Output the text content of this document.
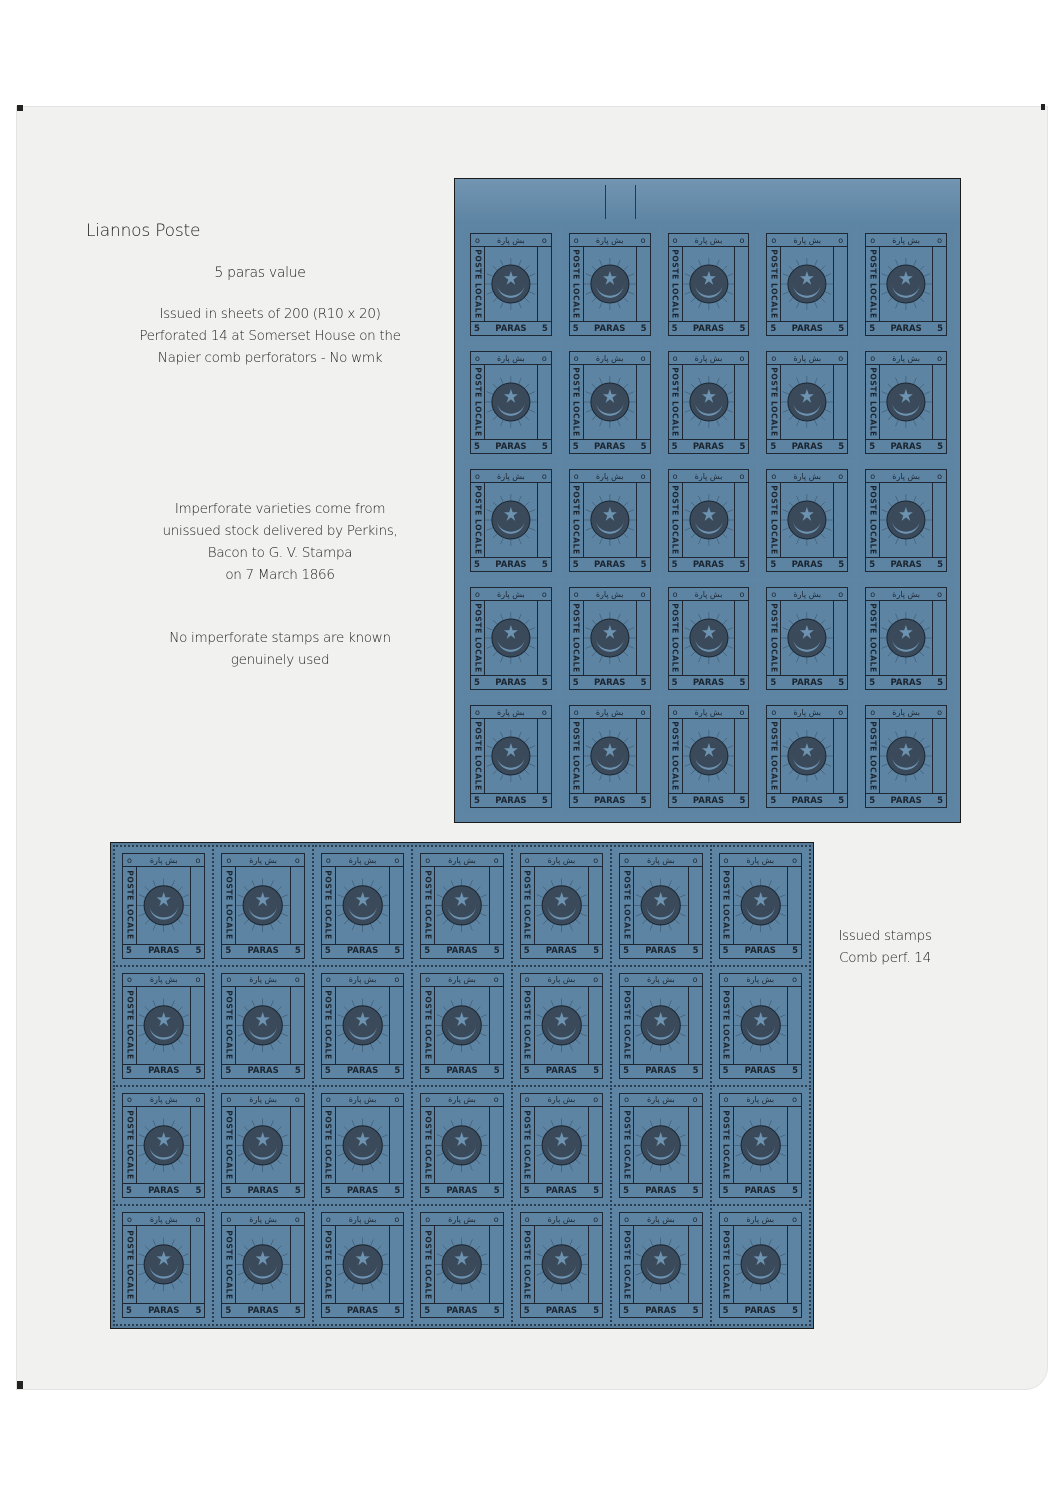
Liannos Poste
5 paras value
Issued in sheets of 200 (R10 x 20)
Perforated 14 at Somerset House on the
Napier comb perforators - No wmk
Imperforate varieties come from
unissued stock delivered by Perkins,
Bacon to G. V. Stampa
on 7 March 1866
No imperforate stamps are known
genuinely used
Issued stamps
Comb perf. 14
o بش پارة o
POSTE LOCALE
5 PARAS 5
o بش پارة o
POSTE LOCALE
5 PARAS 5
o بش پارة o
POSTE LOCALE
5 PARAS 5
o بش پارة o
POSTE LOCALE
5 PARAS 5
o بش پارة o
POSTE LOCALE
5 PARAS 5
o بش پارة o
POSTE LOCALE
5 PARAS 5
o بش پارة o
POSTE LOCALE
5 PARAS 5
o بش پارة o
POSTE LOCALE
5 PARAS 5
o بش پارة o
POSTE LOCALE
5 PARAS 5
o بش پارة o
POSTE LOCALE
5 PARAS 5
o بش پارة o
POSTE LOCALE
5 PARAS 5
o بش پارة o
POSTE LOCALE
5 PARAS 5
o بش پارة o
POSTE LOCALE
5 PARAS 5
o بش پارة o
POSTE LOCALE
5 PARAS 5
o بش پارة o
POSTE LOCALE
5 PARAS 5
o بش پارة o
POSTE LOCALE
5 PARAS 5
o بش پارة o
POSTE LOCALE
5 PARAS 5
o بش پارة o
POSTE LOCALE
5 PARAS 5
o بش پارة o
POSTE LOCALE
5 PARAS 5
o بش پارة o
POSTE LOCALE
5 PARAS 5
o بش پارة o
POSTE LOCALE
5 PARAS 5
o بش پارة o
POSTE LOCALE
5 PARAS 5
o بش پارة o
POSTE LOCALE
5 PARAS 5
o بش پارة o
POSTE LOCALE
5 PARAS 5
o بش پارة o
POSTE LOCALE
5 PARAS 5
o بش پارة o
POSTE LOCALE
5 PARAS 5
o بش پارة o
POSTE LOCALE
5 PARAS 5
o بش پارة o
POSTE LOCALE
5 PARAS 5
o بش پارة o
POSTE LOCALE
5 PARAS 5
o بش پارة o
POSTE LOCALE
5 PARAS 5
o بش پارة o
POSTE LOCALE
5 PARAS 5
o بش پارة o
POSTE LOCALE
5 PARAS 5
o بش پارة o
POSTE LOCALE
5 PARAS 5
o بش پارة o
POSTE LOCALE
5 PARAS 5
o بش پارة o
POSTE LOCALE
5 PARAS 5
o بش پارة o
POSTE LOCALE
5 PARAS 5
o بش پارة o
POSTE LOCALE
5 PARAS 5
o بش پارة o
POSTE LOCALE
5 PARAS 5
o بش پارة o
POSTE LOCALE
5 PARAS 5
o بش پارة o
POSTE LOCALE
5 PARAS 5
o بش پارة o
POSTE LOCALE
5 PARAS 5
o بش پارة o
POSTE LOCALE
5 PARAS 5
o بش پارة o
POSTE LOCALE
5 PARAS 5
o بش پارة o
POSTE LOCALE
5 PARAS 5
o بش پارة o
POSTE LOCALE
5 PARAS 5
o بش پارة o
POSTE LOCALE
5 PARAS 5
o بش پارة o
POSTE LOCALE
5 PARAS 5
o بش پارة o
POSTE LOCALE
5 PARAS 5
o بش پارة o
POSTE LOCALE
5 PARAS 5
o بش پارة o
POSTE LOCALE
5 PARAS 5
o بش پارة o
POSTE LOCALE
5 PARAS 5
o بش پارة o
POSTE LOCALE
5 PARAS 5
o بش پارة o
POSTE LOCALE
5 PARAS 5
